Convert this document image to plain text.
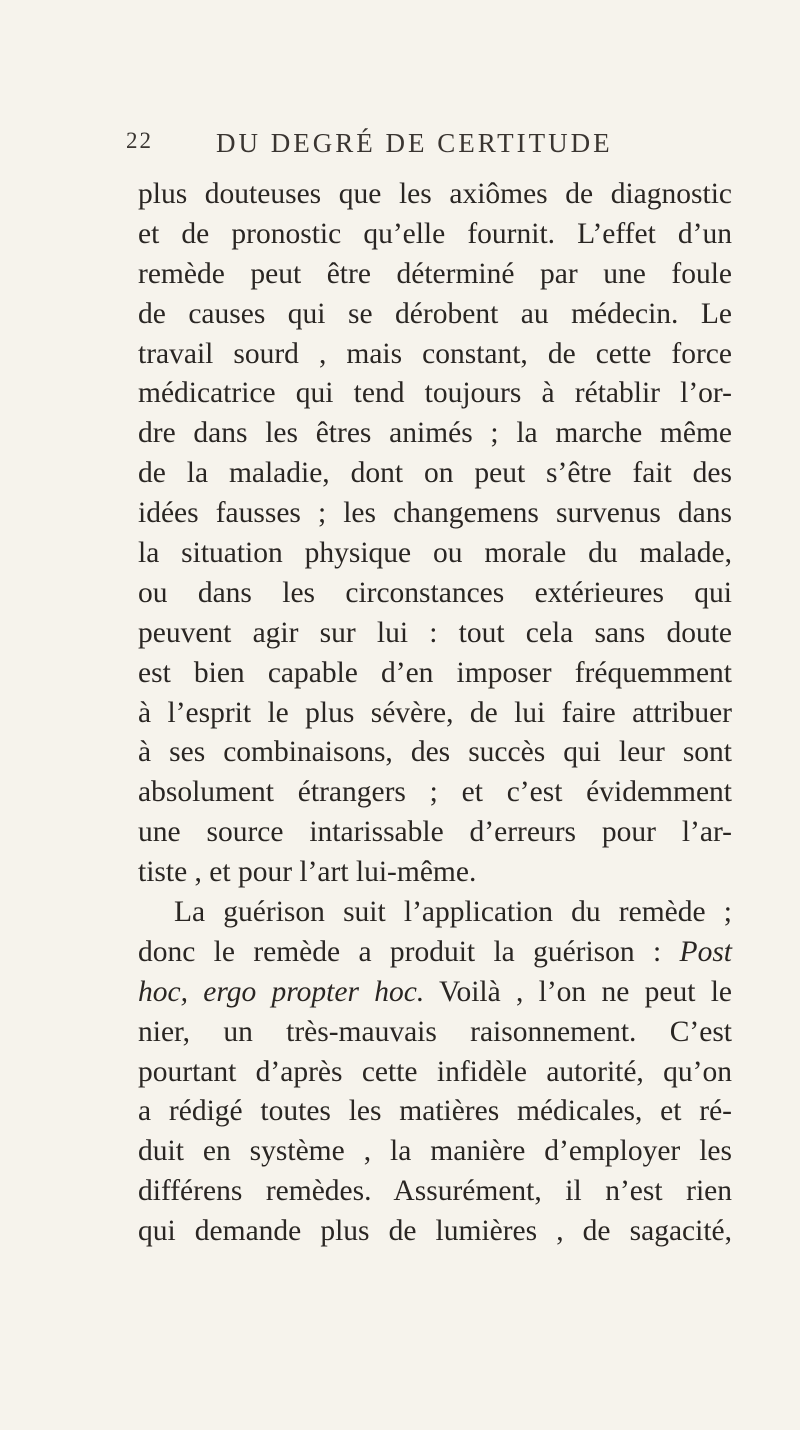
22 DU DEGRÉ DE CERTITUDE
plus douteuses que les axiômes de diagnostic
et de pronostic qu’elle fournit. L’effet d’un
remède peut être déterminé par une foule
de causes qui se dérobent au médecin. Le
travail sourd , mais constant, de cette force
médicatrice qui tend toujours à rétablir l’or-
dre dans les êtres animés ; la marche même
de la maladie, dont on peut s’être fait des
idées fausses ; les changemens survenus dans
la situation physique ou morale du malade,
ou dans les circonstances extérieures qui
peuvent agir sur lui : tout cela sans doute
est bien capable d’en imposer fréquemment
à l’esprit le plus sévère, de lui faire attribuer
à ses combinaisons, des succès qui leur sont
absolument étrangers ; et c’est évidemment
une source intarissable d’erreurs pour l’ar-
tiste , et pour l’art lui-même.
La guérison suit l’application du remède ;
donc le remède a produit la guérison : Post
hoc, ergo propter hoc. Voilà , l’on ne peut le
nier, un très-mauvais raisonnement. C’est
pourtant d’après cette infidèle autorité, qu’on
a rédigé toutes les matières médicales, et ré-
duit en système , la manière d’employer les
différens remèdes. Assurément, il n’est rien
qui demande plus de lumières , de sagacité,
